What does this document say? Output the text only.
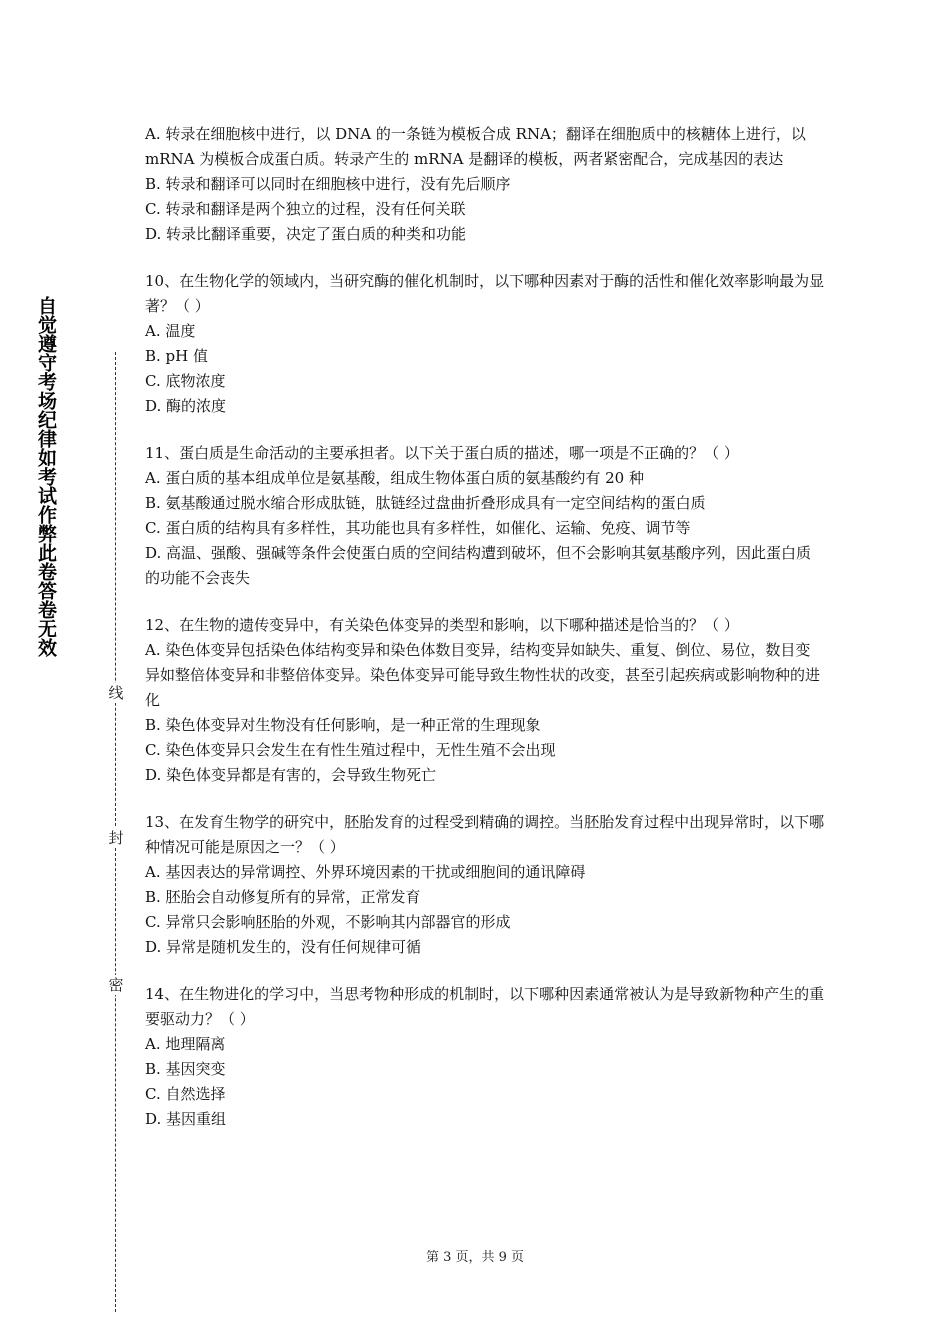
自觉遵守考场纪律如考试作弊此卷答卷无效
线
封
密

A. 转录在细胞核中进行，以 DNA 的一条链为模板合成 RNA；翻译在细胞质中的核糖体上进行，以 mRNA 为模板合成蛋白质。转录产生的 mRNA 是翻译的模板，两者紧密配合，完成基因的表达

B. 转录和翻译可以同时在细胞核中进行，没有先后顺序

C. 转录和翻译是两个独立的过程，没有任何关联

D. 转录比翻译重要，决定了蛋白质的种类和功能

10、在生物化学的领域内，当研究酶的催化机制时，以下哪种因素对于酶的活性和催化效率影响最为显著？（ ）

A. 温度

B. pH 值

C. 底物浓度

D. 酶的浓度

11、蛋白质是生命活动的主要承担者。以下关于蛋白质的描述，哪一项是不正确的？（ ）

A. 蛋白质的基本组成单位是氨基酸，组成生物体蛋白质的氨基酸约有 20 种

B. 氨基酸通过脱水缩合形成肽链，肽链经过盘曲折叠形成具有一定空间结构的蛋白质

C. 蛋白质的结构具有多样性，其功能也具有多样性，如催化、运输、免疫、调节等

D. 高温、强酸、强碱等条件会使蛋白质的空间结构遭到破坏，但不会影响其氨基酸序列，因此蛋白质的功能不会丧失

12、在生物的遗传变异中，有关染色体变异的类型和影响，以下哪种描述是恰当的？（ ）

A. 染色体变异包括染色体结构变异和染色体数目变异，结构变异如缺失、重复、倒位、易位，数目变异如整倍体变异和非整倍体变异。染色体变异可能导致生物性状的改变，甚至引起疾病或影响物种的进化

B. 染色体变异对生物没有任何影响，是一种正常的生理现象

C. 染色体变异只会发生在有性生殖过程中，无性生殖不会出现

D. 染色体变异都是有害的，会导致生物死亡

13、在发育生物学的研究中，胚胎发育的过程受到精确的调控。当胚胎发育过程中出现异常时，以下哪种情况可能是原因之一？（ ）

A. 基因表达的异常调控、外界环境因素的干扰或细胞间的通讯障碍

B. 胚胎会自动修复所有的异常，正常发育

C. 异常只会影响胚胎的外观，不影响其内部器官的形成

D. 异常是随机发生的，没有任何规律可循

14、在生物进化的学习中，当思考物种形成的机制时，以下哪种因素通常被认为是导致新物种产生的重要驱动力？（ ）

A. 地理隔离

B. 基因突变

C. 自然选择

D. 基因重组

第 3 页，共 9 页
